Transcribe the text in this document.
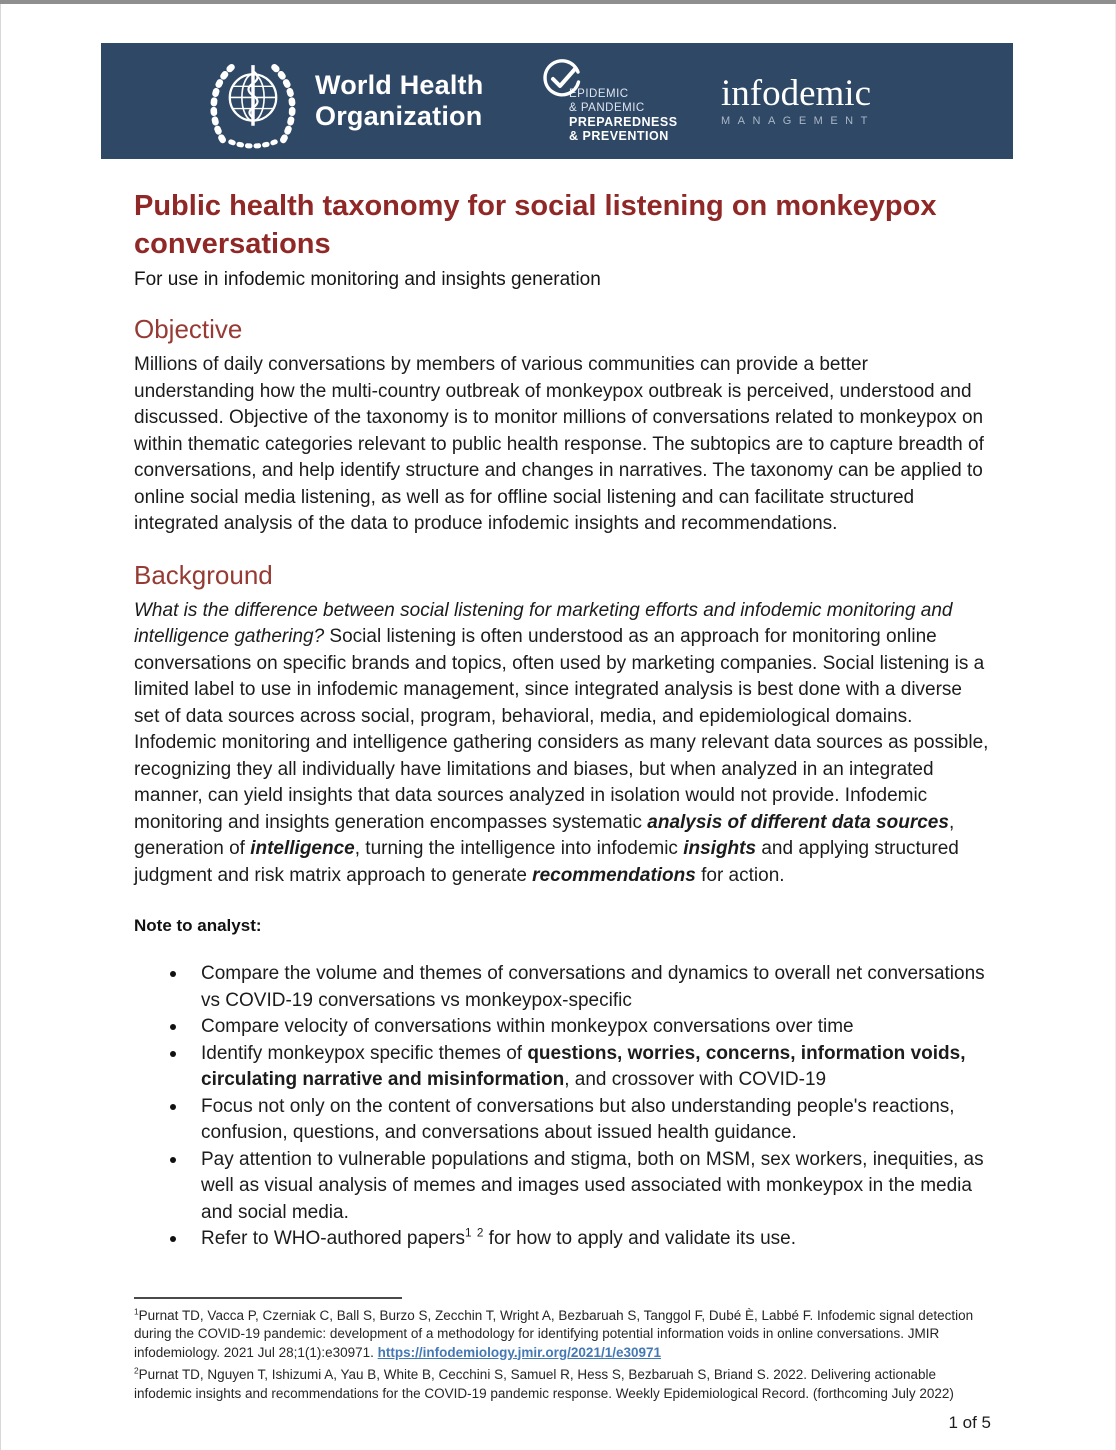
World Health
Organization
EPIDEMIC
& PANDEMIC
PREPAREDNESS
& PREVENTION
infodemic
MANAGEMENT
Public health taxonomy for social listening on monkeypox conversations
For use in infodemic monitoring and insights generation
Objective

Millions of daily conversations by members of various communities can provide a better understanding how the multi-country outbreak of monkeypox outbreak is perceived, understood and discussed. Objective of the taxonomy is to monitor millions of conversations related to monkeypox on within thematic categories relevant to public health response. The subtopics are to capture breadth of conversations, and help identify structure and changes in narratives. The taxonomy can be applied to online social media listening, as well as for offline social listening and can facilitate structured integrated analysis of the data to produce infodemic insights and recommendations.

Background

What is the difference between social listening for marketing efforts and infodemic monitoring and intelligence gathering? Social listening is often understood as an approach for monitoring online conversations on specific brands and topics, often used by marketing companies. Social listening is a limited label to use in infodemic management, since integrated analysis is best done with a diverse set of data sources across social, program, behavioral, media, and epidemiological domains. Infodemic monitoring and intelligence gathering considers as many relevant data sources as possible, recognizing they all individually have limitations and biases, but when analyzed in an integrated manner, can yield insights that data sources analyzed in isolation would not provide. Infodemic monitoring and insights generation encompasses systematic analysis of different data sources, generation of intelligence, turning the intelligence into infodemic insights and applying structured judgment and risk matrix approach to generate recommendations for action.

Note to analyst:
Compare the volume and themes of conversations and dynamics to overall net conversations vs COVID-19 conversations vs monkeypox-specific
Compare velocity of conversations within monkeypox conversations over time
Identify monkeypox specific themes of questions, worries, concerns, information voids, circulating narrative and misinformation, and crossover with COVID-19
Focus not only on the content of conversations but also understanding people's reactions, confusion, questions, and conversations about issued health guidance.
Pay attention to vulnerable populations and stigma, both on MSM, sex workers, inequities, as well as visual analysis of memes and images used associated with monkeypox in the media and social media.
Refer to WHO-authored papers$^1$ $^2$ for how to apply and validate its use.
$^1$Purnat TD, Vacca P, Czerniak C, Ball S, Burzo S, Zecchin T, Wright A, Bezbaruah S, Tanggol F, Dubé È, Labbé F. Infodemic signal detection during the COVID-19 pandemic: development of a methodology for identifying potential information voids in online conversations. JMIR infodemiology. 2021 Jul 28;1(1):e30971. https://infodemiology.jmir.org/2021/1/e30971
$^2$Purnat TD, Nguyen T, Ishizumi A, Yau B, White B, Cecchini S, Samuel R, Hess S, Bezbaruah S, Briand S. 2022. Delivering actionable infodemic insights and recommendations for the COVID-19 pandemic response. Weekly Epidemiological Record. (forthcoming July 2022)
1 of 5
